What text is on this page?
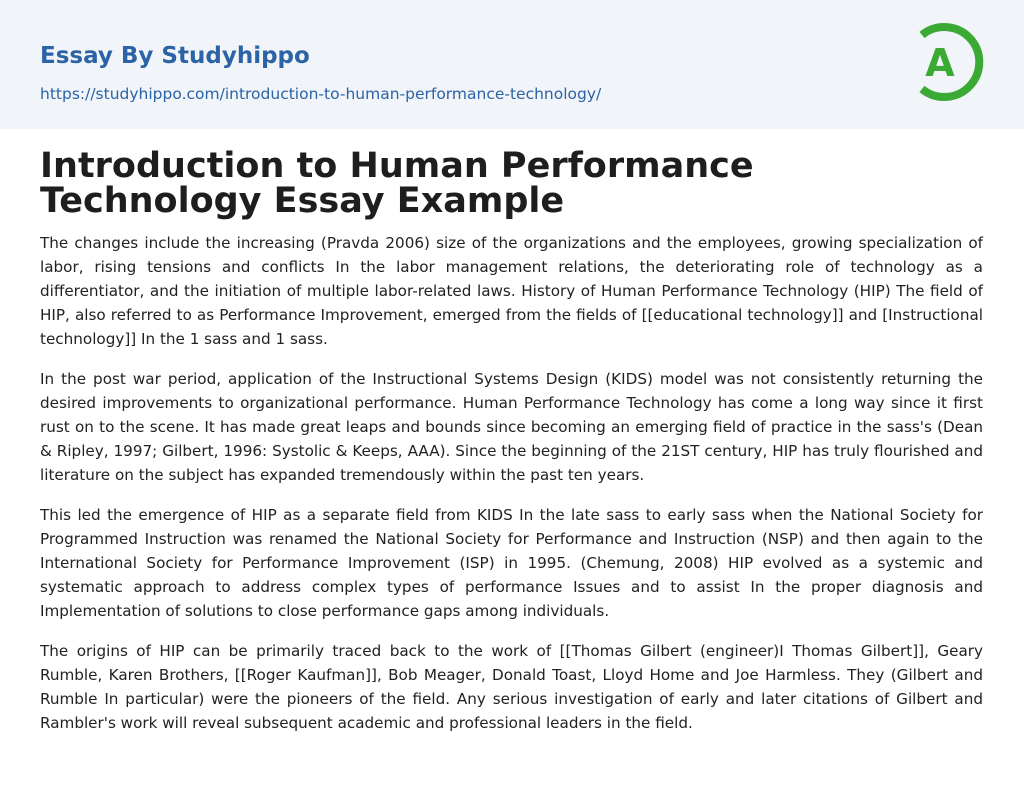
Essay By Studyhippo
https://studyhippo.com/introduction-to-human-performance-technology/
A
Introduction to Human Performance Technology Essay Example

The changes include the increasing (Pravda 2006) size of the organizations and the employees, growing specialization of labor, rising tensions and conflicts In the labor management relations, the deteriorating role of technology as a differentiator, and the initiation of multiple labor-related laws. History of Human Performance Technology (HIP) The field of HIP, also referred to as Performance Improvement, emerged from the fields of [[educational technology]] and [Instructional technology]] In the 1 sass and 1 sass.

In the post war period, application of the Instructional Systems Design (KIDS) model was not consistently returning the desired improvements to organizational performance. Human Performance Technology has come a long way since it first rust on to the scene. It has made great leaps and bounds since becoming an emerging field of practice in the sass's (Dean & Ripley, 1997; Gilbert, 1996: Systolic & Keeps, AAA). Since the beginning of the 21ST century, HIP has truly flourished and literature on the subject has expanded tremendously within the past ten years.

This led the emergence of HIP as a separate field from KIDS In the late sass to early sass when the National Society for Programmed Instruction was renamed the National Society for Performance and Instruction (NSP) and then again to the International Society for Performance Improvement (ISP) in 1995. (Chemung, 2008) HIP evolved as a systemic and systematic approach to address complex types of performance Issues and to assist In the proper diagnosis and Implementation of solutions to close performance gaps among individuals.

The origins of HIP can be primarily traced back to the work of [[Thomas Gilbert (engineer)I Thomas Gilbert]], Geary Rumble, Karen Brothers, [[Roger Kaufman]], Bob Meager, Donald Toast, Lloyd Home and Joe Harmless. They (Gilbert and Rumble In particular) were the pioneers of the field. Any serious investigation of early and later citations of Gilbert and Rambler's work will reveal subsequent academic and professional leaders in the field.
